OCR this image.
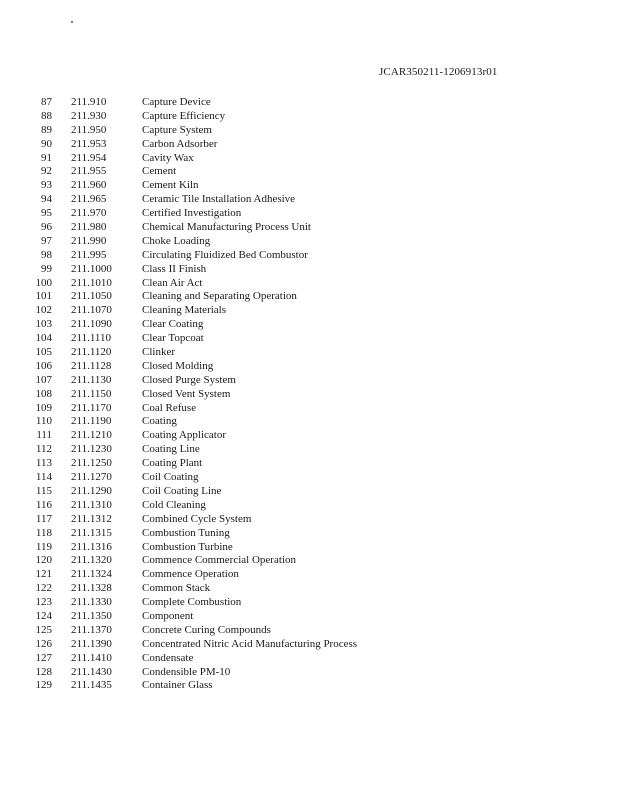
JCAR350211-1206913r01
87 211.910	Capture Device
88 211.930	Capture Efficiency
89 211.950	Capture System
90 211.953	Carbon Adsorber
91 211.954	Cavity Wax
92 211.955	Cement
93 211.960	Cement Kiln
94 211.965	Ceramic Tile Installation Adhesive
95 211.970	Certified Investigation
96 211.980	Chemical Manufacturing Process Unit
97 211.990	Choke Loading
98 211.995	Circulating Fluidized Bed Combustor
99 211.1000	Class II Finish
100 211.1010	Clean Air Act
101 211.1050	Cleaning and Separating Operation
102 211.1070	Cleaning Materials
103 211.1090	Clear Coating
104 211.1110	Clear Topcoat
105 211.1120	Clinker
106 211.1128	Closed Molding
107 211.1130	Closed Purge System
108 211.1150	Closed Vent System
109 211.1170	Coal Refuse
110 211.1190	Coating
111 211.1210	Coating Applicator
112 211.1230	Coating Line
113 211.1250	Coating Plant
114 211.1270	Coil Coating
115 211.1290	Coil Coating Line
116 211.1310	Cold Cleaning
117 211.1312	Combined Cycle System
118 211.1315	Combustion Tuning
119 211.1316	Combustion Turbine
120 211.1320	Commence Commercial Operation
121 211.1324	Commence Operation
122 211.1328	Common Stack
123 211.1330	Complete Combustion
124 211.1350	Component
125 211.1370	Concrete Curing Compounds
126 211.1390	Concentrated Nitric Acid Manufacturing Process
127 211.1410	Condensate
128 211.1430	Condensible PM-10
129 211.1435	Container Glass
